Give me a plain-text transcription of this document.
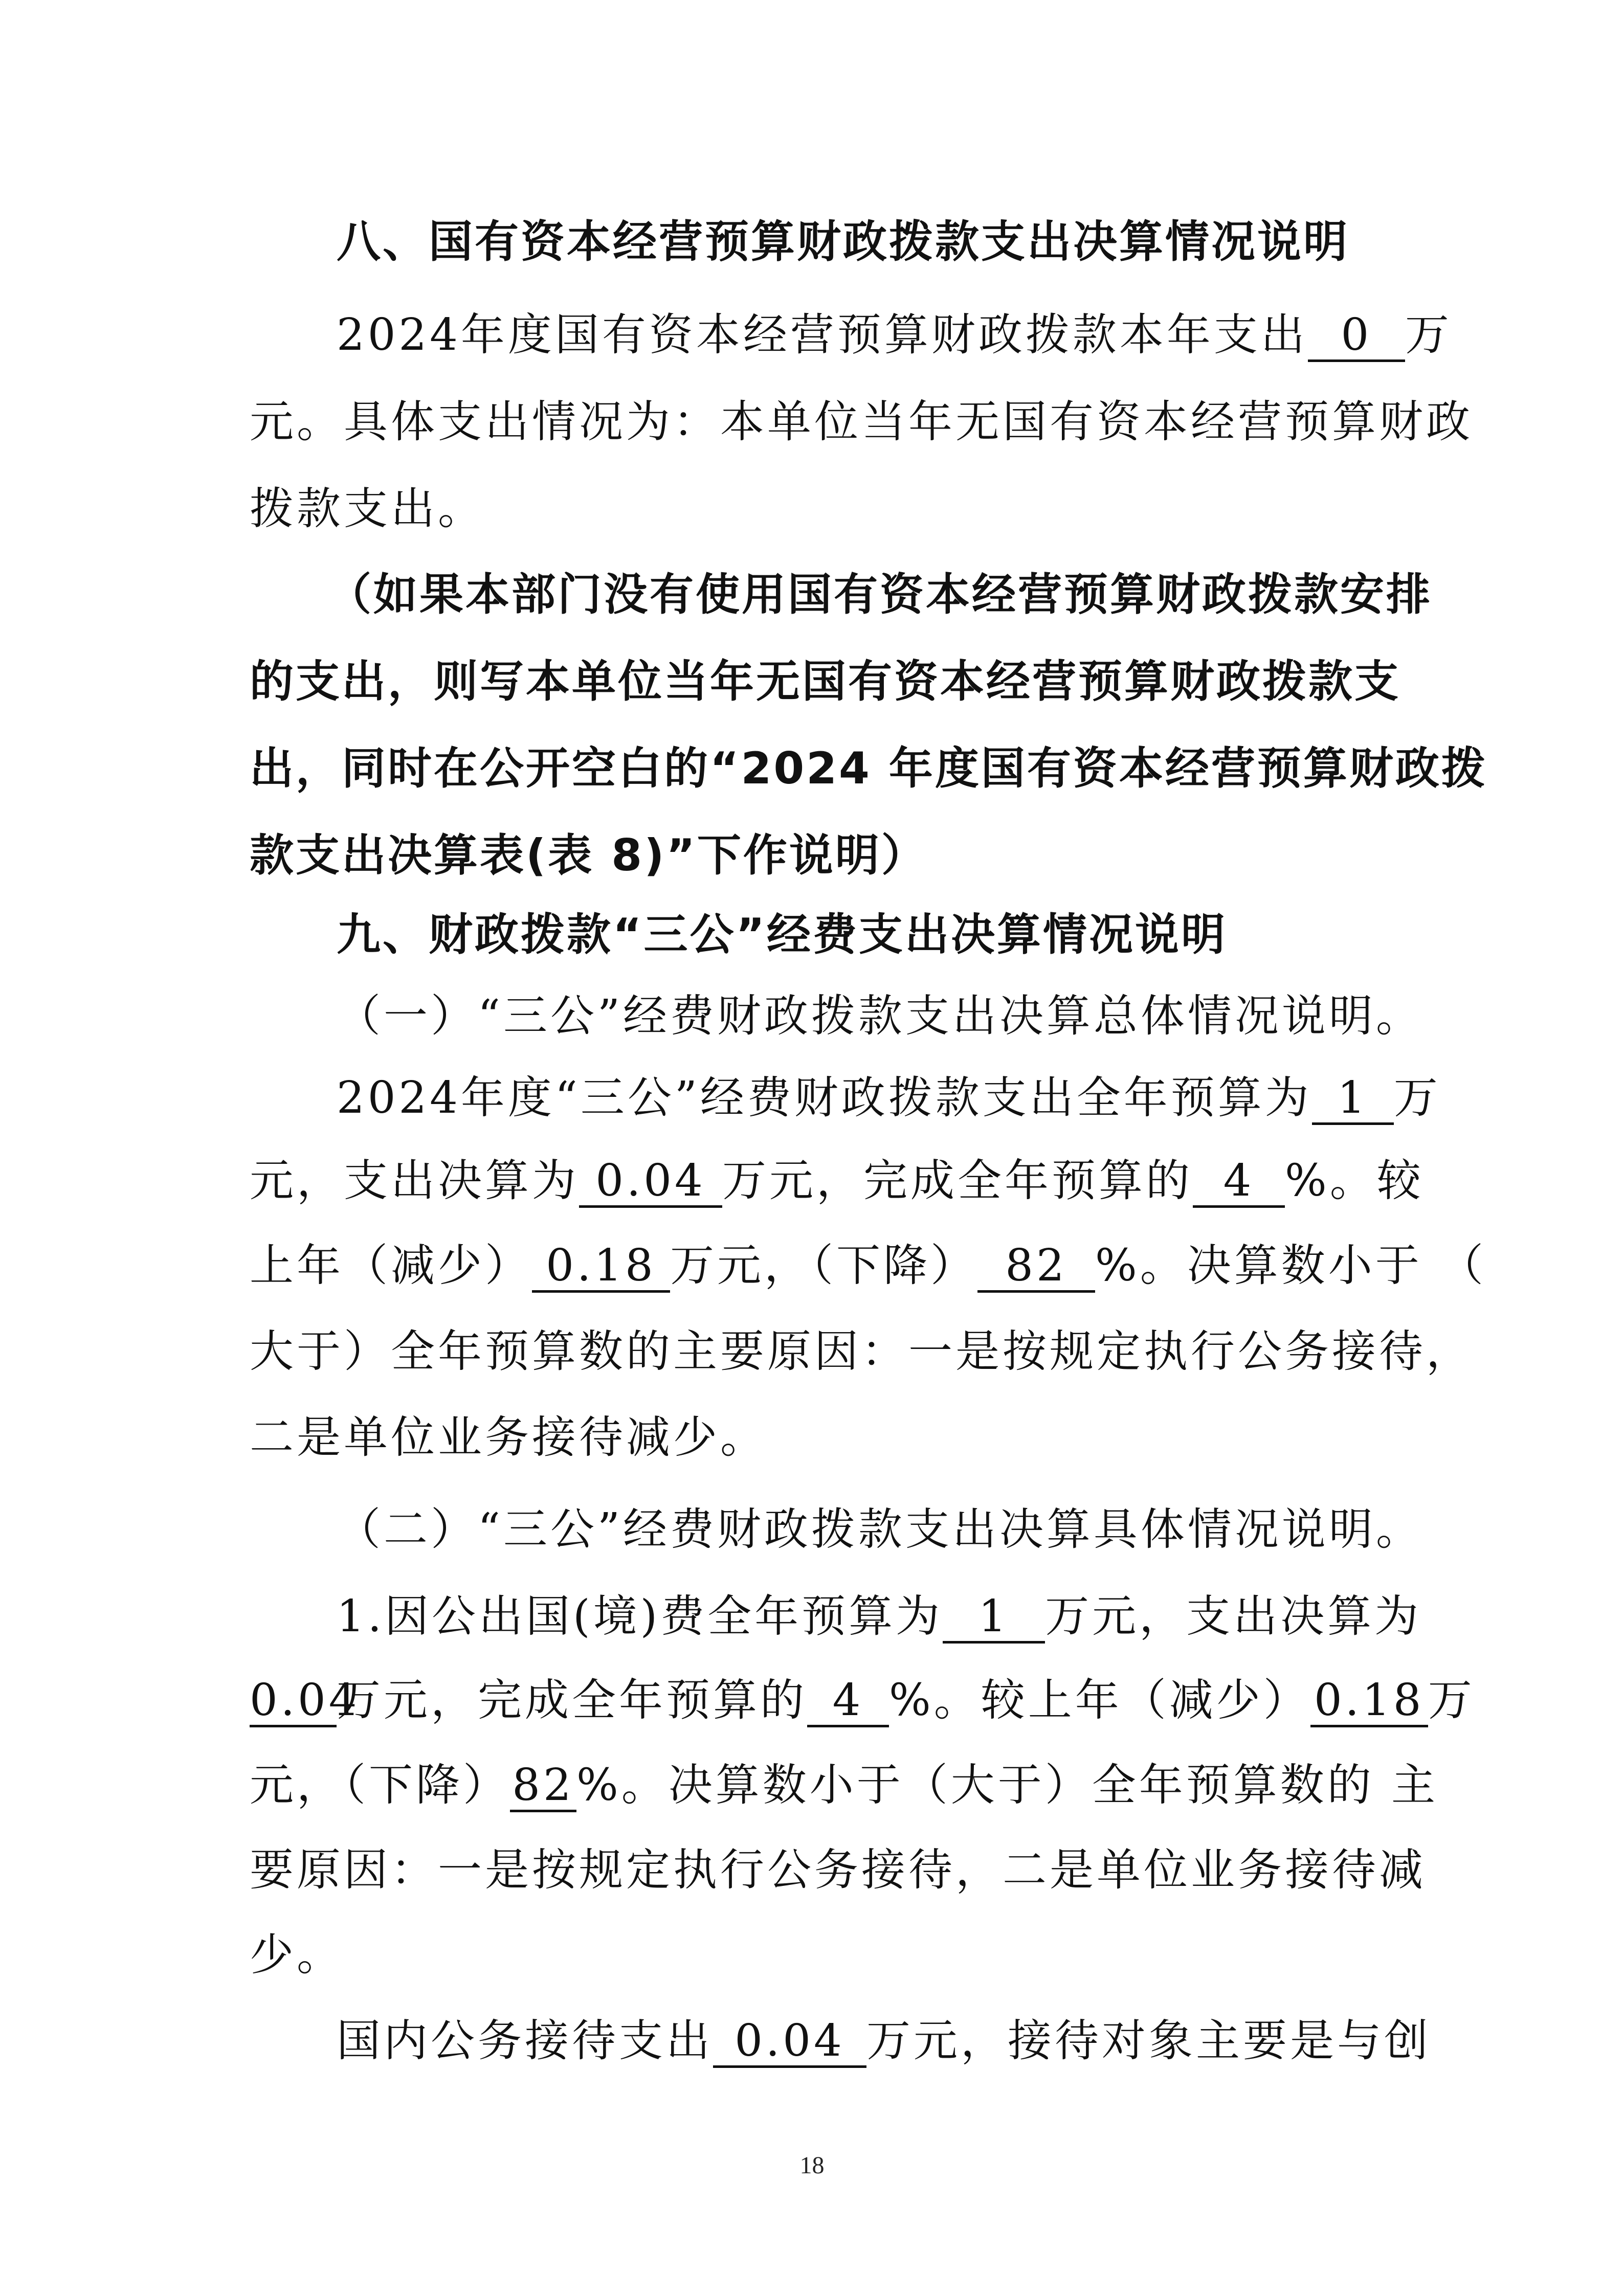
八、国有资本经营预算财政拨款支出决算情况说明
2024年度国有资本经营预算财政拨款本年支出 0 万
元。具体支出情况为：本单位当年无国有资本经营预算财政
拨款支出。
（如果本部门没有使用国有资本经营预算财政拨款安排
的支出，则写本单位当年无国有资本经营预算财政拨款支
出，同时在公开空白的“2024 年度国有资本经营预算财政拨
款支出决算表(表 8)”下作说明）
九、财政拨款“三公”经费支出决算情况说明
（一）“三公”经费财政拨款支出决算总体情况说明。
2024年度“三公”经费财政拨款支出全年预算为 1 万
元，支出决算为 0.04 万元，完成全年预算的 4 %。较
上年（减少） 0.18 万元，（下降） 82 %。决算数小于 （
大于）全年预算数的主要原因：一是按规定执行公务接待，
二是单位业务接待减少。
（二）“三公”经费财政拨款支出决算具体情况说明。
1.因公出国(境)费全年预算为 1 万元，支出决算为
0.04万元，完成全年预算的 4 %。较上年（减少）0.18万
元，（下降）82%。决算数小于（大于）全年预算数的 主
要原因：一是按规定执行公务接待，二是单位业务接待减
少。
国内公务接待支出 0.04 万元，接待对象主要是与创
18
